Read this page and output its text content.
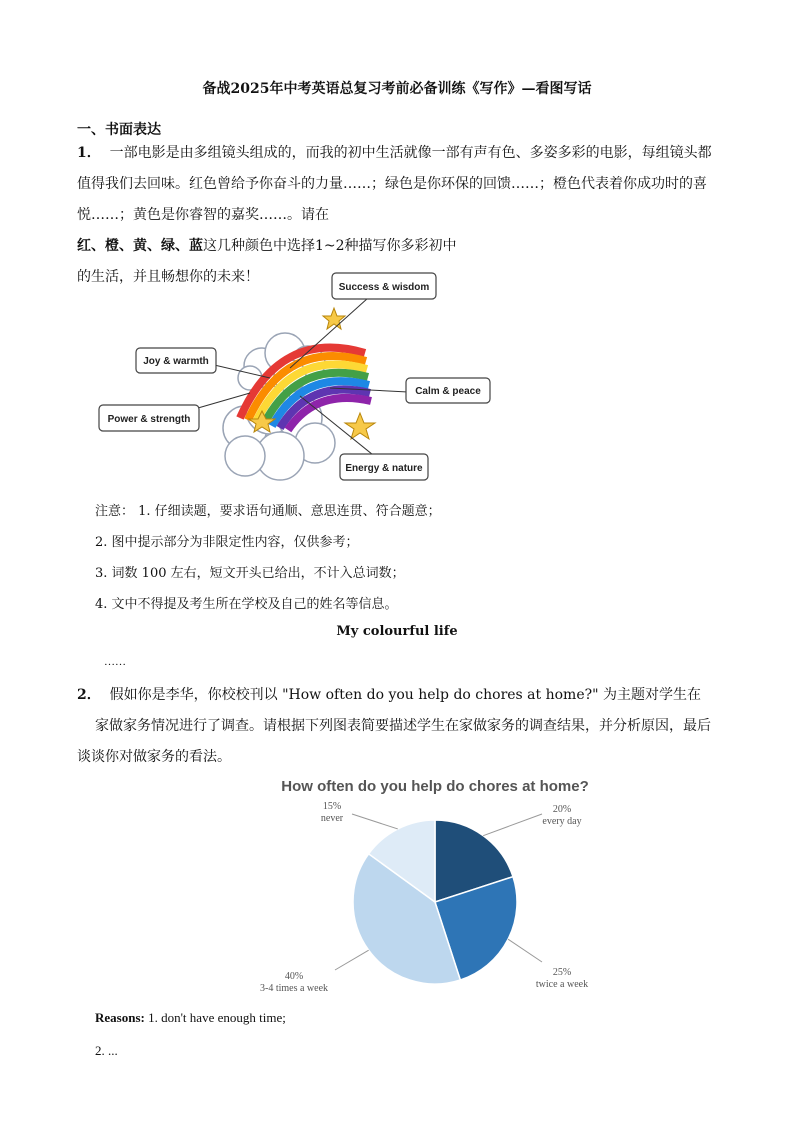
备战2025年中考英语总复习考前必备训练《写作》—看图写话
一、书面表达
1． 一部电影是由多组镜头组成的，而我的初中生活就像一部有声有色、多姿多彩的电影，每组镜头都
值得我们去回味。红色曾给予你奋斗的力量……；绿色是你环保的回馈……；橙色代表着你成功时的喜
悦……；黄色是你睿智的嘉奖……。请在
红、橙、黄、绿、蓝这几种颜色中选择1~2种描写你多彩初中
的生活，并且畅想你的未来！
Success & wisdom
Joy & warmth
Calm & peace
Power & strength
Energy & nature
注意： 1. 仔细读题，要求语句通顺、意思连贯、符合题意；
2. 图中提示部分为非限定性内容，仅供参考；
3. 词数 100 左右，短文开头已给出，不计入总词数；
4. 文中不得提及考生所在学校及自己的姓名等信息。
My colourful life
……
2． 假如你是李华，你校校刊以 "How often do you help do chores at home?" 为主题对学生在
家做家务情况进行了调查。请根据下列图表简要描述学生在家做家务的调查结果，并分析原因，最后
谈谈你对做家务的看法。
How often do you help do chores at home?
20%
every day
25%
twice a week
40%
3-4 times a week
15%
never
Reasons: 1. don't have enough time;
2. ...
